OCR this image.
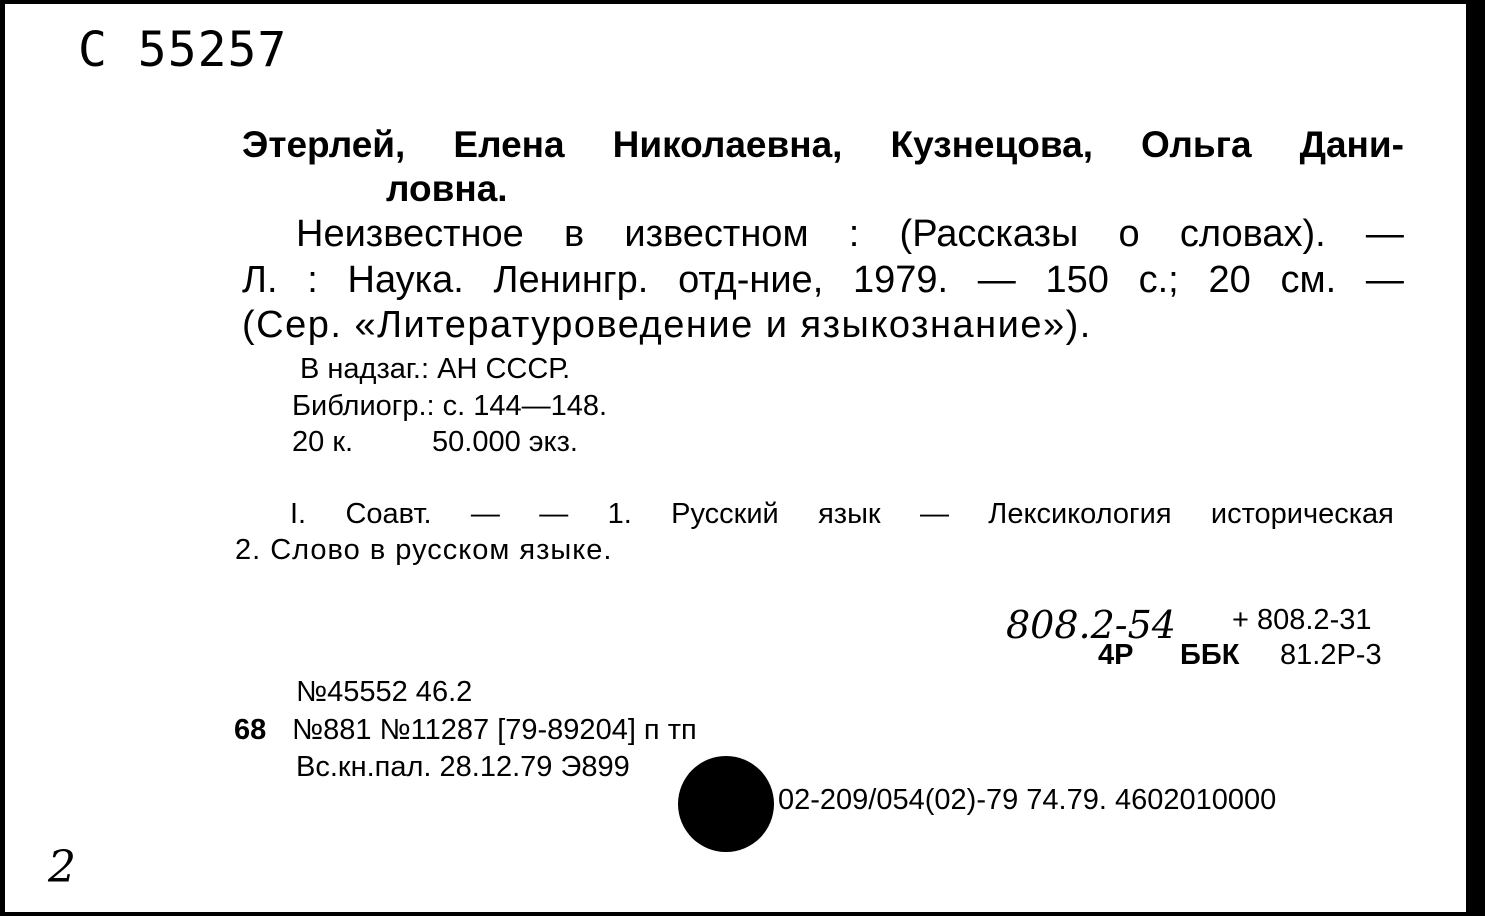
С 55257
Этерлей, Елена Николаевна, Кузнецова, Ольга Дани-
ловна.
Неизвестное в известном : (Рассказы о словах). —
Л. : Наука. Ленингр. отд-ние, 1979. — 150 с.; 20 см. —
(Сер. «Литературоведение и языкознание»).
В надзаг.: АН СССР.
Библиогр.: с. 144—148.
20 к.	50.000 экз.
I. Соавт. — — 1. Русский язык — Лексикология историческая
2. Слово в русском языке.
808.2-54 + 808.2-31
4Р ББК 81.2Р-3
№45552 46.2
68 №881 №11287 [79-89204] п тп
Вс.кн.пал. 28.12.79 Э899
02-209/054(02)-79 74.79. 4602010000
2
